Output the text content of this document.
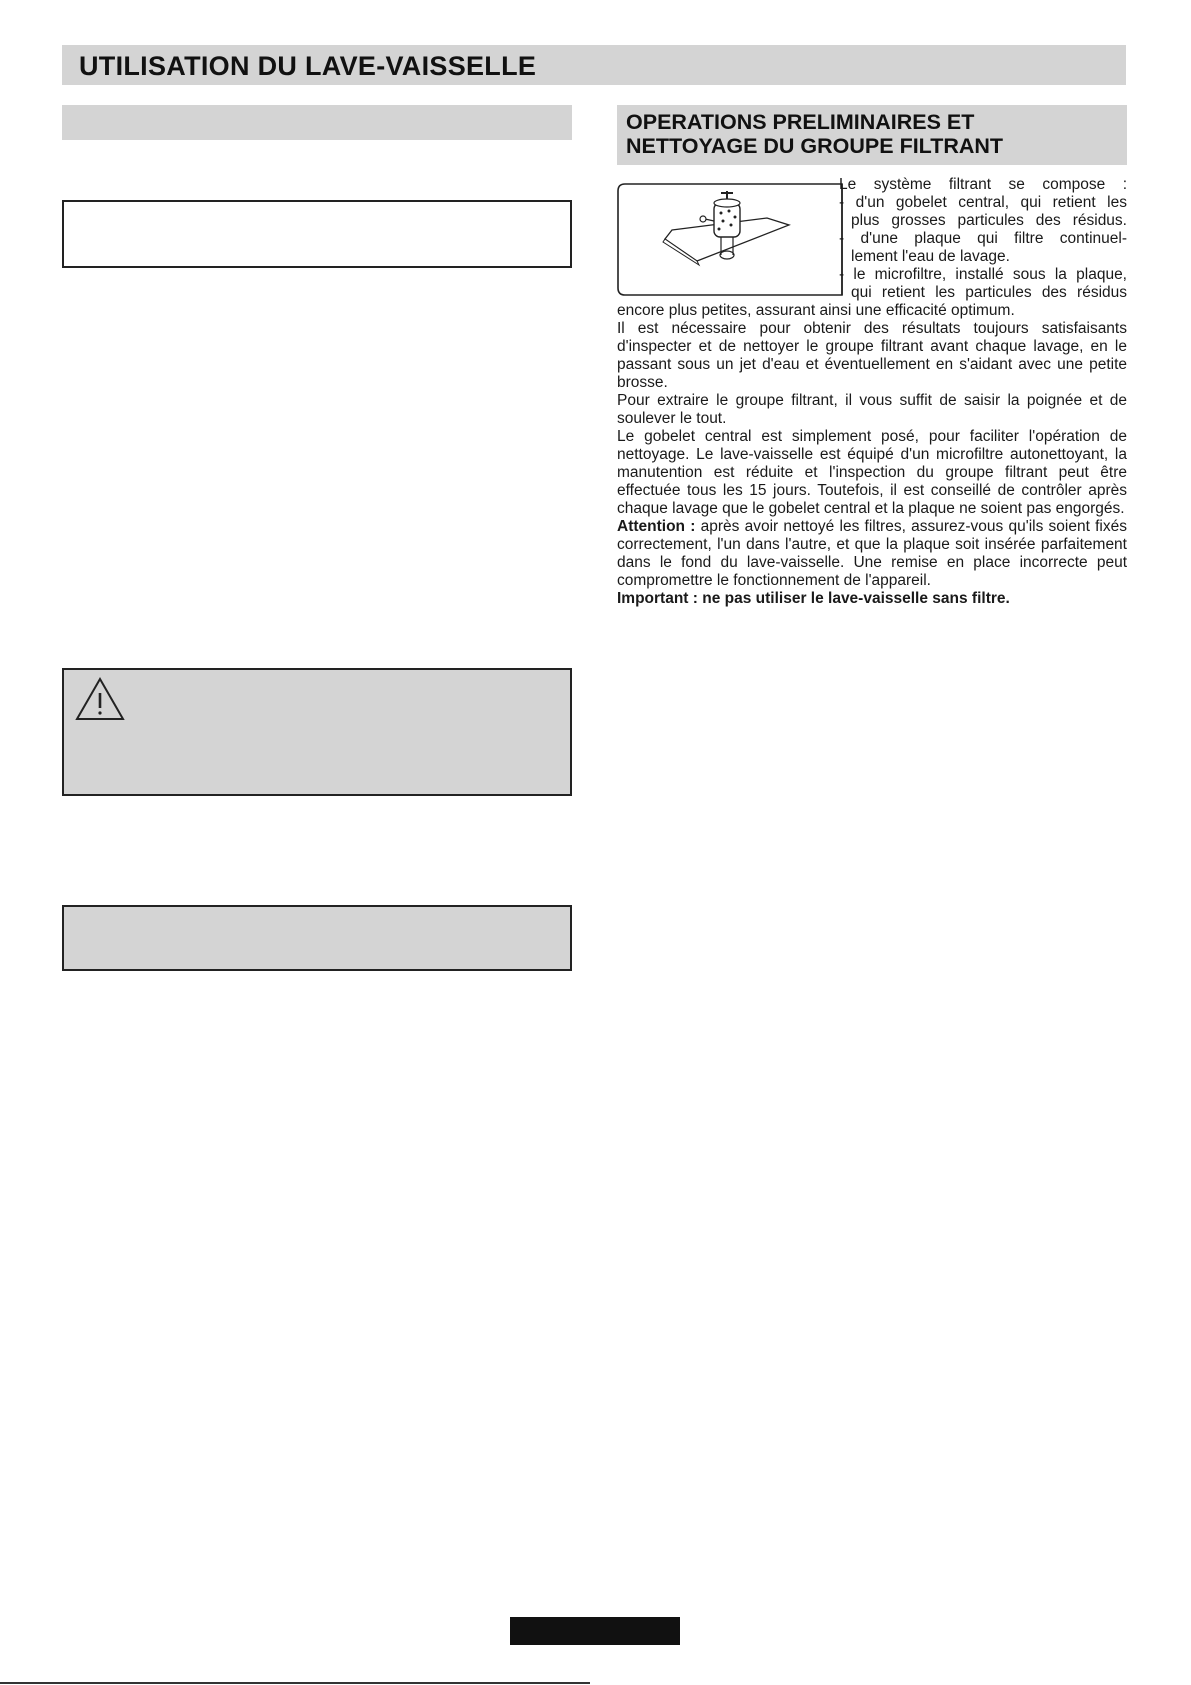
UTILISATION DU LAVE-VAISSELLE
OPERATIONS PRELIMINAIRES ET
NETTOYAGE DU GROUPE FILTRANT
Le système filtrant se compose :
- d'un gobelet central, qui retient les
plus grosses particules des résidus.
- d'une plaque qui filtre continuel-
lement l'eau de lavage.
- le microfiltre, installé sous la plaque,
qui retient les particules des résidus

encore plus petites, assurant ainsi une efficacité optimum.

Il est nécessaire pour obtenir des résultats toujours satisfaisants d'inspecter et de nettoyer le groupe filtrant avant chaque lavage, en le passant sous un jet d'eau et éventuellement en s'aidant avec une petite brosse.

Pour extraire le groupe filtrant, il vous suffit de saisir la poignée et de soulever le tout.

Le gobelet central est simplement posé, pour faciliter l'opération de nettoyage. Le lave-vaisselle est équipé d'un microfiltre autonettoyant, la manutention est réduite et l'inspection du groupe filtrant peut être effectuée tous les 15 jours. Toutefois, il est conseillé de contrôler après chaque lavage que le gobelet central et la plaque ne soient pas engorgés.

Attention : après avoir nettoyé les filtres, assurez-vous qu'ils soient fixés correctement, l'un dans l'autre, et que la plaque soit insérée parfaitement dans le fond du lave-vaisselle. Une remise en place incorrecte peut compromettre le fonctionnement de l'appareil.

Important : ne pas utiliser le lave-vaisselle sans filtre.
